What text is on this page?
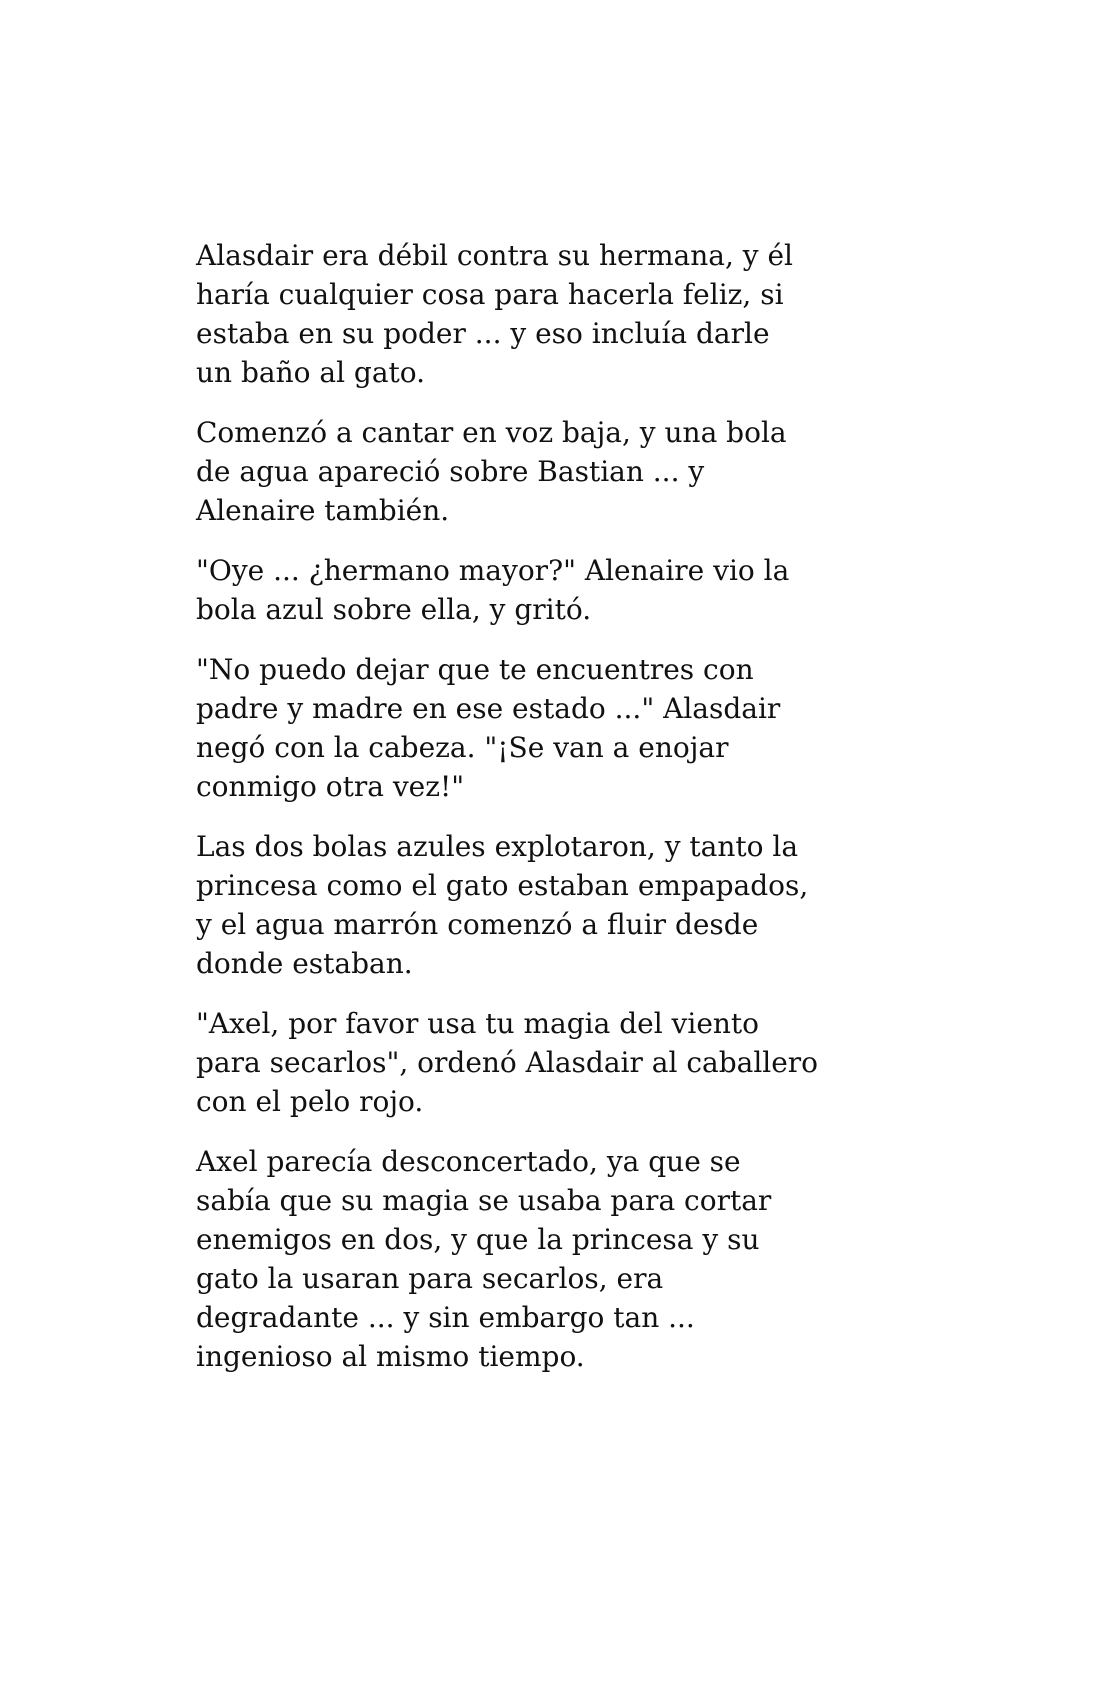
Alasdair era débil contra su hermana, y él
haría cualquier cosa para hacerla feliz, si
estaba en su poder ... y eso incluía darle
un baño al gato.

Comenzó a cantar en voz baja, y una bola
de agua apareció sobre Bastian ... y
Alenaire también.

"Oye ... ¿hermano mayor?" Alenaire vio la
bola azul sobre ella, y gritó.

"No puedo dejar que te encuentres con
padre y madre en ese estado ..." Alasdair
negó con la cabeza. "¡Se van a enojar
conmigo otra vez!"

Las dos bolas azules explotaron, y tanto la
princesa como el gato estaban empapados,
y el agua marrón comenzó a fluir desde
donde estaban.

"Axel, por favor usa tu magia del viento
para secarlos", ordenó Alasdair al caballero
con el pelo rojo.

Axel parecía desconcertado, ya que se
sabía que su magia se usaba para cortar
enemigos en dos, y que la princesa y su
gato la usaran para secarlos, era
degradante ... y sin embargo tan ...
ingenioso al mismo tiempo.
